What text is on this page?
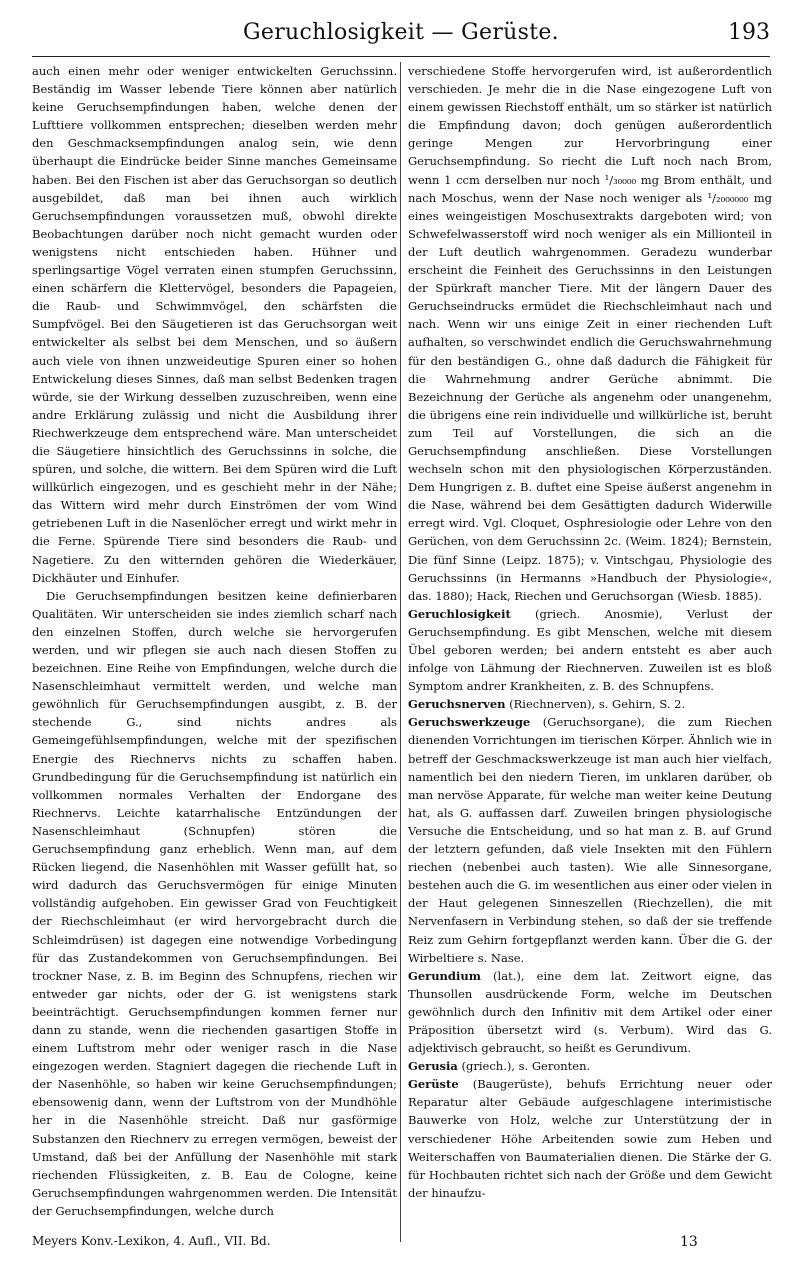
Geruchlosigkeit — Gerüste.	193

auch einen mehr oder weniger entwickelten Geruchssinn. Beständig im Wasser lebende Tiere können aber natürlich keine Geruchsempfindungen haben, welche denen der Lufttiere vollkommen entsprechen; dieselben werden mehr den Geschmacksempfindungen analog sein, wie denn überhaupt die Eindrücke beider Sinne manches Gemeinsame haben. Bei den Fischen ist aber das Geruchsorgan so deutlich ausgebildet, daß man bei ihnen auch wirklich Geruchsempfindungen voraussetzen muß, obwohl direkte Beobachtungen darüber noch nicht gemacht wurden oder wenigstens nicht entschieden haben. Hühner und sperlingsartige Vögel verraten einen stumpfen Geruchssinn, einen schärfern die Klettervögel, besonders die Papageien, die Raub- und Schwimmvögel, den schärfsten die Sumpfvögel. Bei den Säugetieren ist das Geruchsorgan weit entwickelter als selbst bei dem Menschen, und so äußern auch viele von ihnen unzweideutige Spuren einer so hohen Entwickelung dieses Sinnes, daß man selbst Bedenken tragen würde, sie der Wirkung desselben zuzuschreiben, wenn eine andre Erklärung zulässig und nicht die Ausbildung ihrer Riechwerkzeuge dem entsprechend wäre. Man unterscheidet die Säugetiere hinsichtlich des Geruchssinns in solche, die spüren, und solche, die wittern. Bei dem Spüren wird die Luft willkürlich eingezogen, und es geschieht mehr in der Nähe; das Wittern wird mehr durch Einströmen der vom Wind getriebenen Luft in die Nasenlöcher erregt und wirkt mehr in die Ferne. Spürende Tiere sind besonders die Raub- und Nagetiere. Zu den witternden gehören die Wiederkäuer, Dickhäuter und Einhufer.

Die Geruchsempfindungen besitzen keine definierbaren Qualitäten. Wir unterscheiden sie indes ziemlich scharf nach den einzelnen Stoffen, durch welche sie hervorgerufen werden, und wir pflegen sie auch nach diesen Stoffen zu bezeichnen. Eine Reihe von Empfindungen, welche durch die Nasenschleimhaut vermittelt werden, und welche man gewöhnlich für Geruchsempfindungen ausgibt, z. B. der stechende G., sind nichts andres als Gemeingefühlsempfindungen, welche mit der spezifischen Energie des Riechnervs nichts zu schaffen haben. Grundbedingung für die Geruchsempfindung ist natürlich ein vollkommen normales Verhalten der Endorgane des Riechnervs. Leichte katarrhalische Entzündungen der Nasenschleimhaut (Schnupfen) stören die Geruchsempfindung ganz erheblich. Wenn man, auf dem Rücken liegend, die Nasenhöhlen mit Wasser gefüllt hat, so wird dadurch das Geruchsvermögen für einige Minuten vollständig aufgehoben. Ein gewisser Grad von Feuchtigkeit der Riechschleimhaut (er wird hervorgebracht durch die Schleimdrüsen) ist dagegen eine notwendige Vorbedingung für das Zustandekommen von Geruchsempfindungen. Bei trockner Nase, z. B. im Beginn des Schnupfens, riechen wir entweder gar nichts, oder der G. ist wenigstens stark beeinträchtigt. Geruchsempfindungen kommen ferner nur dann zu stande, wenn die riechenden gasartigen Stoffe in einem Luftstrom mehr oder weniger rasch in die Nase eingezogen werden. Stagniert dagegen die riechende Luft in der Nasenhöhle, so haben wir keine Geruchsempfindungen; ebensowenig dann, wenn der Luftstrom von der Mundhöhle her in die Nasenhöhle streicht. Daß nur gasförmige Substanzen den Riechnerv zu erregen vermögen, beweist der Umstand, daß bei der Anfüllung der Nasenhöhle mit stark riechenden Flüssigkeiten, z. B. Eau de Cologne, keine Geruchsempfindungen wahrgenommen werden. Die Intensität der Geruchsempfindungen, welche durch

verschiedene Stoffe hervorgerufen wird, ist außerordentlich verschieden. Je mehr die in die Nase eingezogene Luft von einem gewissen Riechstoff enthält, um so stärker ist natürlich die Empfindung davon; doch genügen außerordentlich geringe Mengen zur Hervorbringung einer Geruchsempfindung. So riecht die Luft noch nach Brom, wenn 1 ccm derselben nur noch ¹/₃₀₀₀₀ mg Brom enthält, und nach Moschus, wenn der Nase noch weniger als ¹/₂₀₀₀₀₀₀ mg eines weingeistigen Moschusextrakts dargeboten wird; von Schwefelwasserstoff wird noch weniger als ein Millionteil in der Luft deutlich wahrgenommen. Geradezu wunderbar erscheint die Feinheit des Geruchssinns in den Leistungen der Spürkraft mancher Tiere. Mit der längern Dauer des Geruchseindrucks ermüdet die Riechschleimhaut nach und nach. Wenn wir uns einige Zeit in einer riechenden Luft aufhalten, so verschwindet endlich die Geruchswahrnehmung für den beständigen G., ohne daß dadurch die Fähigkeit für die Wahrnehmung andrer Gerüche abnimmt. Die Bezeichnung der Gerüche als angenehm oder unangenehm, die übrigens eine rein individuelle und willkürliche ist, beruht zum Teil auf Vorstellungen, die sich an die Geruchsempfindung anschließen. Diese Vorstellungen wechseln schon mit den physiologischen Körperzuständen. Dem Hungrigen z. B. duftet eine Speise äußerst angenehm in die Nase, während bei dem Gesättigten dadurch Widerwille erregt wird. Vgl. Cloquet, Osphresiologie oder Lehre von den Gerüchen, von dem Geruchssinn 2c. (Weim. 1824); Bernstein, Die fünf Sinne (Leipz. 1875); v. Vintschgau, Physiologie des Geruchssinns (in Hermanns »Handbuch der Physiologie«, das. 1880); Hack, Riechen und Geruchsorgan (Wiesb. 1885).

Geruchlosigkeit (griech. Anosmie), Verlust der Geruchsempfindung. Es gibt Menschen, welche mit diesem Übel geboren werden; bei andern entsteht es aber auch infolge von Lähmung der Riechnerven. Zuweilen ist es bloß Symptom andrer Krankheiten, z. B. des Schnupfens.

Geruchsnerven (Riechnerven), s. Gehirn, S. 2.

Geruchswerkzeuge (Geruchsorgane), die zum Riechen dienenden Vorrichtungen im tierischen Körper. Ähnlich wie in betreff der Geschmackswerkzeuge ist man auch hier vielfach, namentlich bei den niedern Tieren, im unklaren darüber, ob man nervöse Apparate, für welche man weiter keine Deutung hat, als G. auffassen darf. Zuweilen bringen physiologische Versuche die Entscheidung, und so hat man z. B. auf Grund der letztern gefunden, daß viele Insekten mit den Fühlern riechen (nebenbei auch tasten). Wie alle Sinnesorgane, bestehen auch die G. im wesentlichen aus einer oder vielen in der Haut gelegenen Sinneszellen (Riechzellen), die mit Nervenfasern in Verbindung stehen, so daß der sie treffende Reiz zum Gehirn fortgepflanzt werden kann. Über die G. der Wirbeltiere s. Nase.

Gerundium (lat.), eine dem lat. Zeitwort eigne, das Thunsollen ausdrückende Form, welche im Deutschen gewöhnlich durch den Infinitiv mit dem Artikel oder einer Präposition übersetzt wird (s. Verbum). Wird das G. adjektivisch gebraucht, so heißt es Gerundivum.

Gerusia (griech.), s. Geronten.

Gerüste (Baugerüste), behufs Errichtung neuer oder Reparatur alter Gebäude aufgeschlagene interimistische Bauwerke von Holz, welche zur Unterstützung der in verschiedener Höhe Arbeitenden sowie zum Heben und Weiterschaffen von Baumaterialien dienen. Die Stärke der G. für Hochbauten richtet sich nach der Größe und dem Gewicht der hinaufzu-

Meyers Konv.-Lexikon, 4. Aufl., VII. Bd.	13
